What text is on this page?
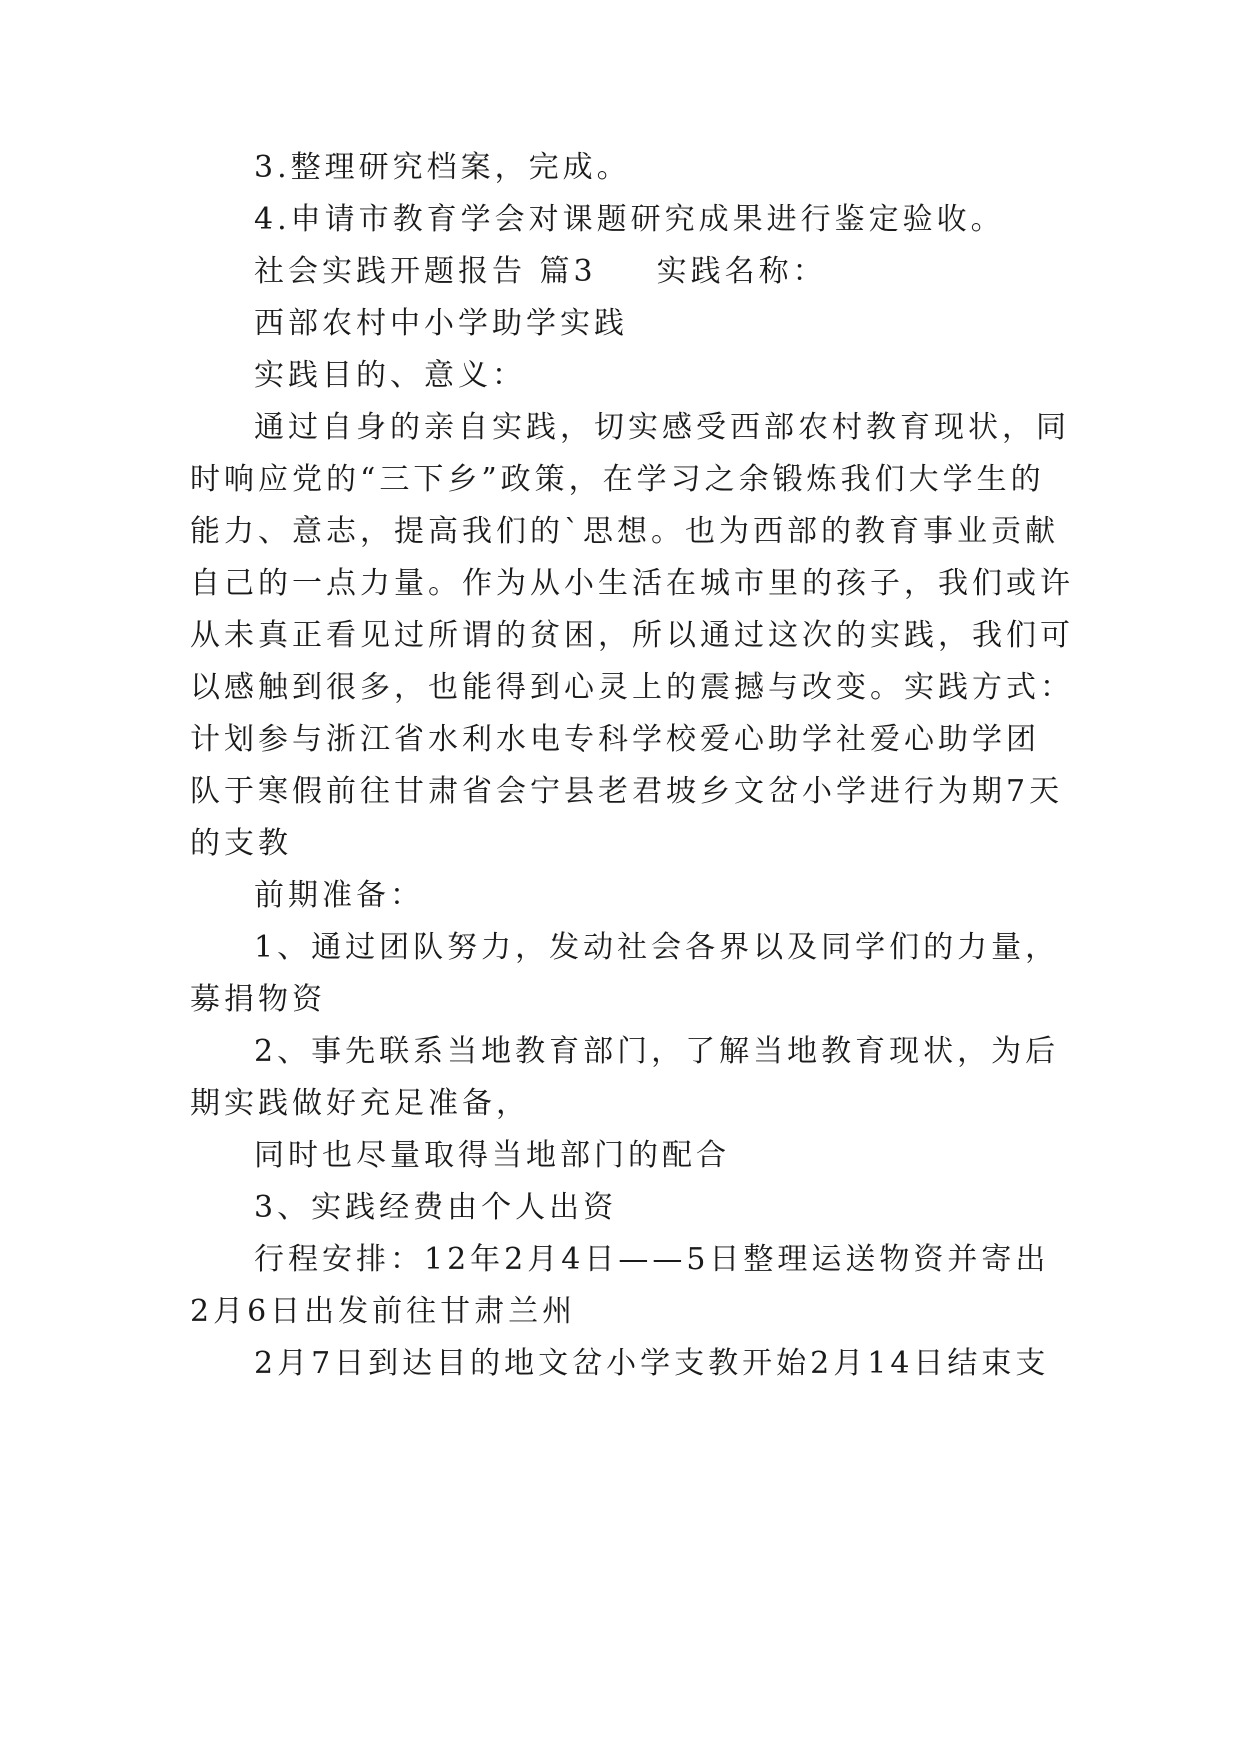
3.整理研究档案，完成。
4.申请市教育学会对课题研究成果进行鉴定验收。
社会实践开题报告 篇3 实践名称：
西部农村中小学助学实践
实践目的、意义：
通过自身的亲自实践，切实感受西部农村教育现状，同
时响应党的“三下乡”政策，在学习之余锻炼我们大学生的
能力、意志，提高我们的`思想。也为西部的教育事业贡献
自己的一点力量。作为从小生活在城市里的孩子，我们或许
从未真正看见过所谓的贫困，所以通过这次的实践，我们可
以感触到很多，也能得到心灵上的震撼与改变。实践方式：
计划参与浙江省水利水电专科学校爱心助学社爱心助学团
队于寒假前往甘肃省会宁县老君坡乡文岔小学进行为期7天
的支教
前期准备：
1、通过团队努力，发动社会各界以及同学们的力量，
募捐物资
2、事先联系当地教育部门，了解当地教育现状，为后
期实践做好充足准备，
同时也尽量取得当地部门的配合
3、实践经费由个人出资
行程安排：12年2月4日——5日整理运送物资并寄出
2月6日出发前往甘肃兰州
2月7日到达目的地文岔小学支教开始2月14日结束支
